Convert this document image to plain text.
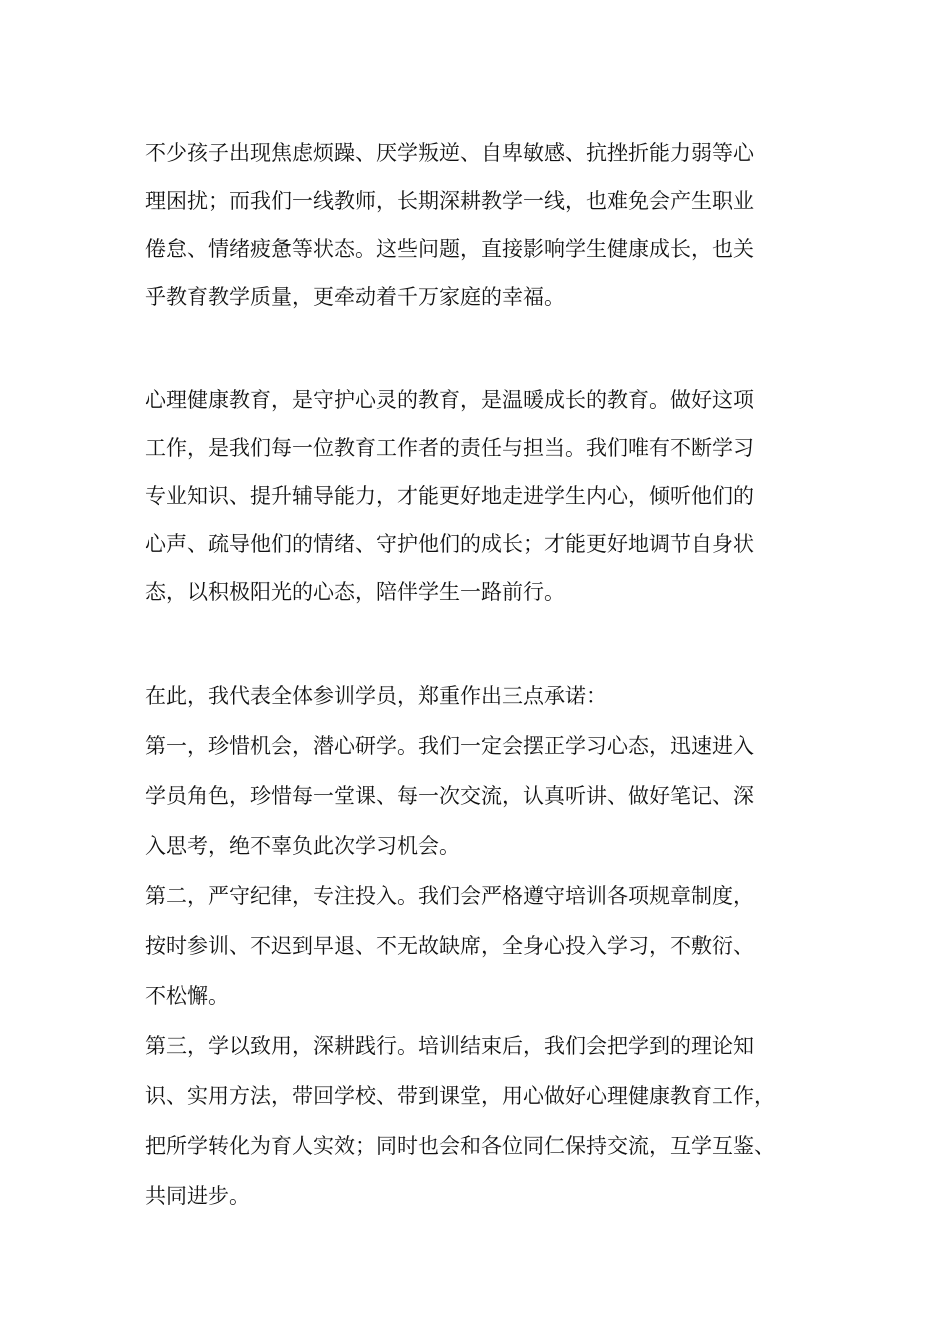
不少孩子出现焦虑烦躁、厌学叛逆、自卑敏感、抗挫折能力弱等心
理困扰；而我们一线教师，长期深耕教学一线，也难免会产生职业
倦怠、情绪疲惫等状态。这些问题，直接影响学生健康成长，也关
乎教育教学质量，更牵动着千万家庭的幸福。
心理健康教育，是守护心灵的教育，是温暖成长的教育。做好这项
工作，是我们每一位教育工作者的责任与担当。我们唯有不断学习
专业知识、提升辅导能力，才能更好地走进学生内心，倾听他们的
心声、疏导他们的情绪、守护他们的成长；才能更好地调节自身状
态，以积极阳光的心态，陪伴学生一路前行。
在此，我代表全体参训学员，郑重作出三点承诺：
第一，珍惜机会，潜心研学。我们一定会摆正学习心态，迅速进入
学员角色，珍惜每一堂课、每一次交流，认真听讲、做好笔记、深
入思考，绝不辜负此次学习机会。
第二，严守纪律，专注投入。我们会严格遵守培训各项规章制度，
按时参训、不迟到早退、不无故缺席，全身心投入学习，不敷衍、
不松懈。
第三，学以致用，深耕践行。培训结束后，我们会把学到的理论知
识、实用方法，带回学校、带到课堂，用心做好心理健康教育工作，
把所学转化为育人实效；同时也会和各位同仁保持交流，互学互鉴、
共同进步。
